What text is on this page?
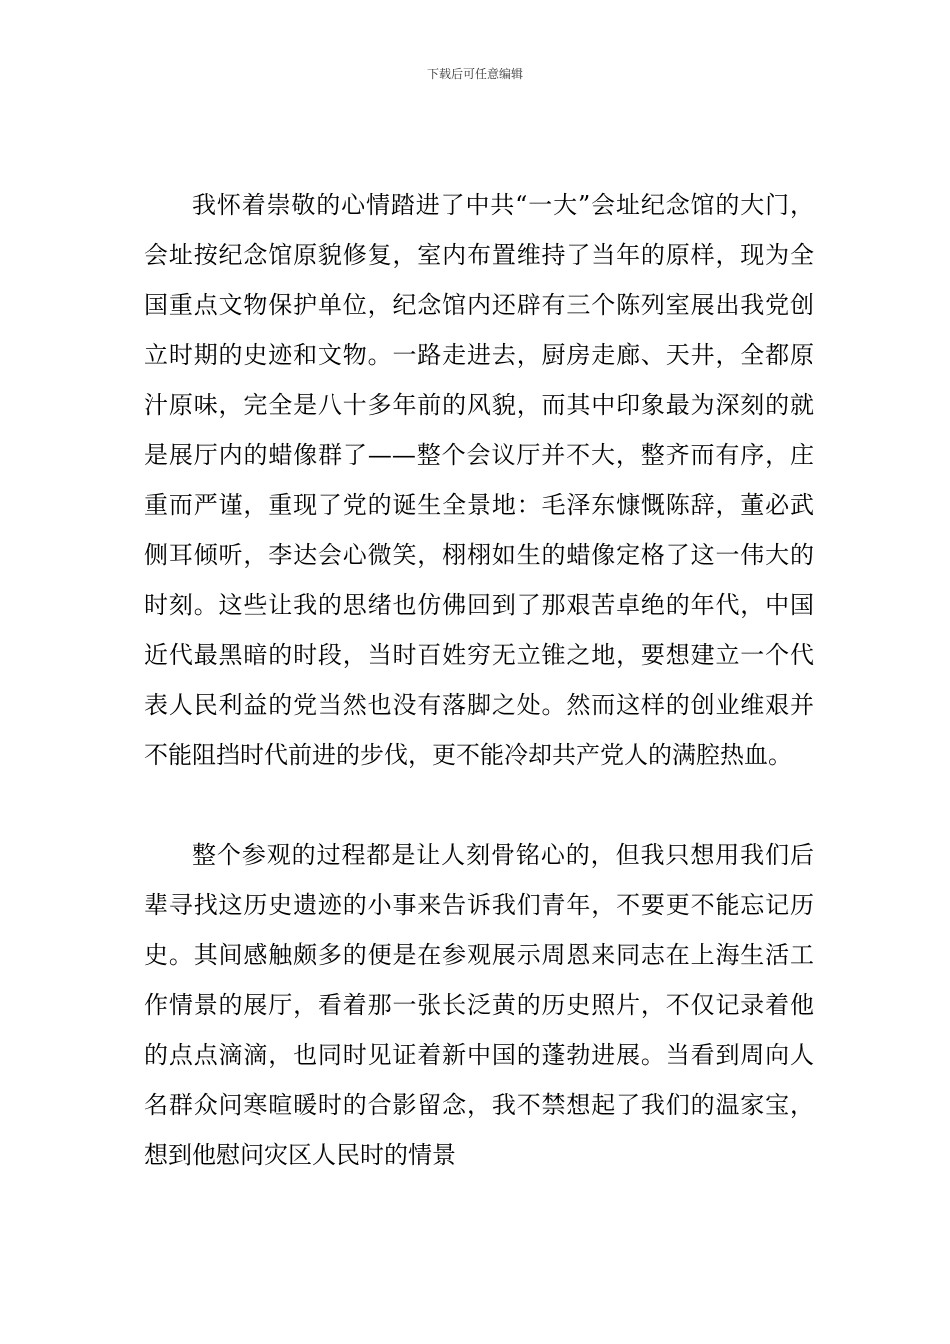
下载后可任意编辑

我怀着崇敬的心情踏进了中共“一大”会址纪念馆的大门，会址按纪念馆原貌修复，室内布置维持了当年的原样，现为全国重点文物保护单位，纪念馆内还辟有三个陈列室展出我党创立时期的史迹和文物。一路走进去，厨房走廊、天井，全都原汁原味，完全是八十多年前的风貌，而其中印象最为深刻的就是展厅内的蜡像群了——整个会议厅并不大，整齐而有序，庄重而严谨，重现了党的诞生全景地：毛泽东慷慨陈辞，董必武侧耳倾听，李达会心微笑，栩栩如生的蜡像定格了这一伟大的时刻。这些让我的思绪也仿佛回到了那艰苦卓绝的年代，中国近代最黑暗的时段，当时百姓穷无立锥之地，要想建立一个代表人民利益的党当然也没有落脚之处。然而这样的创业维艰并不能阻挡时代前进的步伐，更不能冷却共产党人的满腔热血。

整个参观的过程都是让人刻骨铭心的，但我只想用我们后辈寻找这历史遗迹的小事来告诉我们青年，不要更不能忘记历史。其间感触颇多的便是在参观展示周恩来同志在上海生活工作情景的展厅，看着那一张长泛黄的历史照片，不仅记录着他的点点滴滴，也同时见证着新中国的蓬勃进展。当看到周向人名群众问寒暄暖时的合影留念，我不禁想起了我们的温家宝，想到他慰问灾区人民时的情景
